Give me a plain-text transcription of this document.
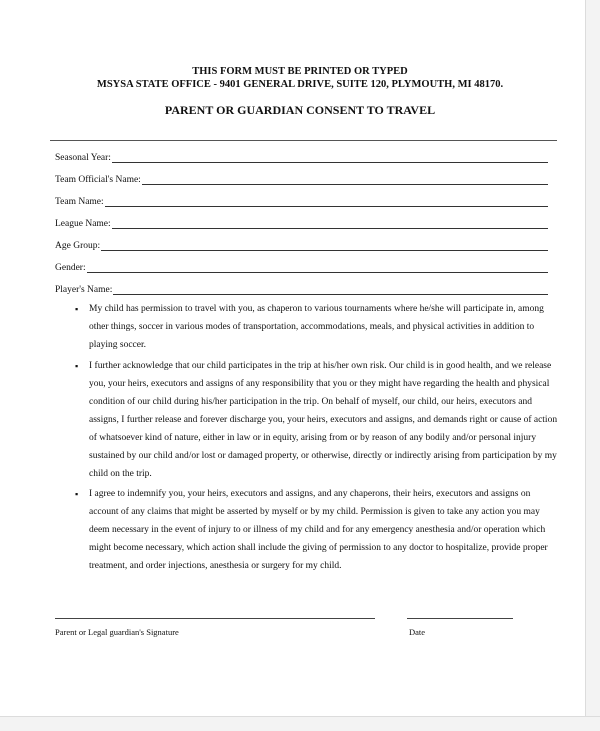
THIS FORM MUST BE PRINTED OR TYPED
MSYSA STATE OFFICE - 9401 GENERAL DRIVE, SUITE 120, PLYMOUTH, MI 48170.
PARENT OR GUARDIAN CONSENT TO TRAVEL
Seasonal Year:
Team Official's Name:
Team Name:
League Name:
Age Group:
Gender:
Player's Name:
▪ My child has permission to travel with you, as chaperon to various tournaments where he/she will participate in, among
other things, soccer in various modes of transportation, accommodations, meals, and physical activities in addition to
playing soccer.
▪ I further acknowledge that our child participates in the trip at his/her own risk. Our child is in good health, and we release
you, your heirs, executors and assigns of any responsibility that you or they might have regarding the health and physical
condition of our child during his/her participation in the trip. On behalf of myself, our child, our heirs, executors and
assigns, I further release and forever discharge you, your heirs, executors and assigns, and demands right or cause of action
of whatsoever kind of nature, either in law or in equity, arising from or by reason of any bodily and/or personal injury
sustained by our child and/or lost or damaged property, or otherwise, directly or indirectly arising from participation by my
child on the trip.
▪ I agree to indemnify you, your heirs, executors and assigns, and any chaperons, their heirs, executors and assigns on
account of any claims that might be asserted by myself or by my child. Permission is given to take any action you may
deem necessary in the event of injury to or illness of my child and for any emergency anesthesia and/or operation which
might become necessary, which action shall include the giving of permission to any doctor to hospitalize, provide proper
treatment, and order injections, anesthesia or surgery for my child.
Parent or Legal guardian's Signature	Date
